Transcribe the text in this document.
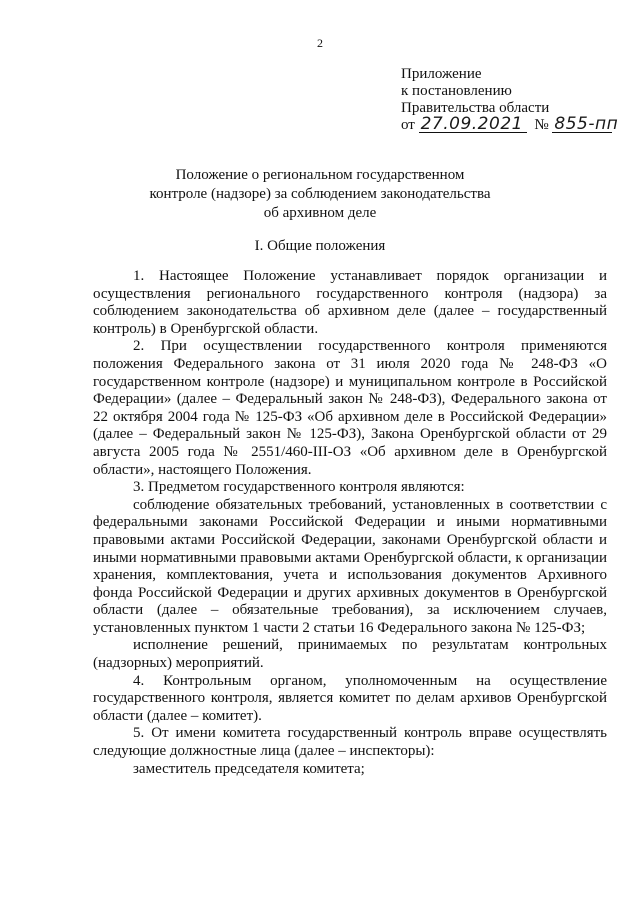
2
Приложение
к постановлению
Правительства области
от 27.09.2021 № 855-пп
Положение о региональном государственном
контроле (надзоре) за соблюдением законодательства
об архивном деле
I. Общие положения

1. Настоящее Положение устанавливает порядок организации и осуществления регионального государственного контроля (надзора) за соблюдением законодательства об архивном деле (далее – государственный контроль) в Оренбургской области.

2. При осуществлении государственного контроля применяются положения Федерального закона от 31 июля 2020 года № 248-ФЗ «О государственном контроле (надзоре) и муниципальном контроле в Российской Федерации» (далее – Федеральный закон № 248-ФЗ), Федерального закона от 22 октября 2004 года № 125-ФЗ «Об архивном деле в Российской Федерации» (далее – Федеральный закон № 125-ФЗ), Закона Оренбургской области от 29 августа 2005 года № 2551/460-III-ОЗ «Об архивном деле в Оренбургской области», настоящего Положения.

3. Предметом государственного контроля являются:

соблюдение обязательных требований, установленных в соответствии с федеральными законами Российской Федерации и иными нормативными правовыми актами Российской Федерации, законами Оренбургской области и иными нормативными правовыми актами Оренбургской области, к организации хранения, комплектования, учета и использования документов Архивного фонда Российской Федерации и других архивных документов в Оренбургской области (далее – обязательные требования), за исключением случаев, установленных пунктом 1 части 2 статьи 16 Федерального закона № 125-ФЗ;

исполнение решений, принимаемых по результатам контрольных (надзорных) мероприятий.

4. Контрольным органом, уполномоченным на осуществление государственного контроля, является комитет по делам архивов Оренбургской области (далее – комитет).

5. От имени комитета государственный контроль вправе осуществлять следующие должностные лица (далее – инспекторы):

заместитель председателя комитета;
